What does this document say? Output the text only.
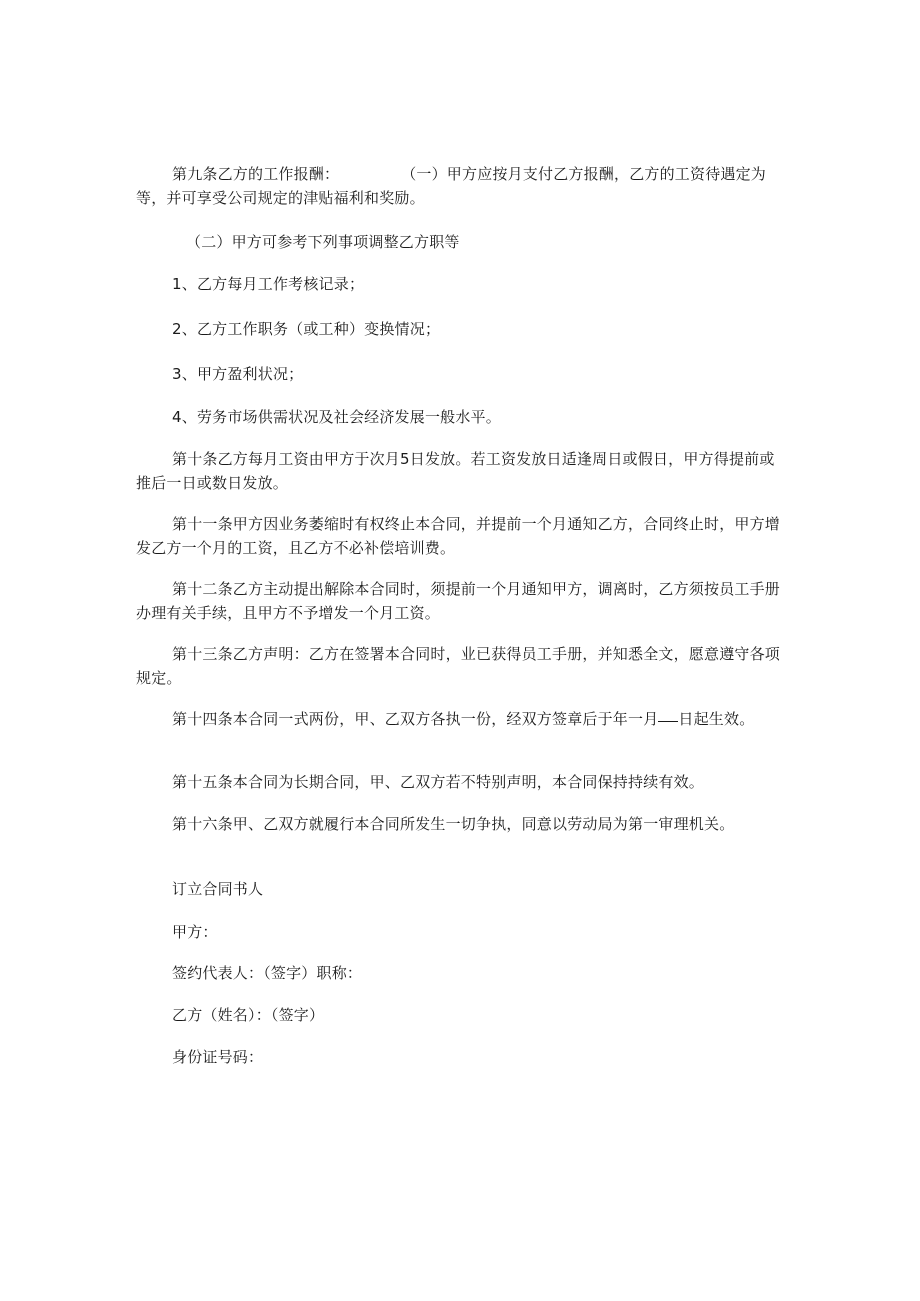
第九条乙方的工作报酬：	（一）甲方应按月支付乙方报酬，乙方的工资待遇定为等，并可享受公司规定的津贴福利和奖励。
（二）甲方可参考下列事项调整乙方职等
1、乙方每月工作考核记录；
2、乙方工作职务（或工种）变换情况；
3、甲方盈利状况；
4、劳务市场供需状况及社会经济发展一般水平。
第十条乙方每月工资由甲方于次月5日发放。若工资发放日适逢周日或假日，甲方得提前或推后一日或数日发放。
第十一条甲方因业务萎缩时有权终止本合同，并提前一个月通知乙方，合同终止时，甲方增发乙方一个月的工资，且乙方不必补偿培训费。
第十二条乙方主动提出解除本合同时，须提前一个月通知甲方，调离时，乙方须按员工手册办理有关手续，且甲方不予增发一个月工资。
第十三条乙方声明：乙方在签署本合同时，业已获得员工手册，并知悉全文，愿意遵守各项规定。
第十四条本合同一式两份，甲、乙双方各执一份，经双方签章后于年一月 日起生效。
第十五条本合同为长期合同，甲、乙双方若不特别声明，本合同保持持续有效。
第十六条甲、乙双方就履行本合同所发生一切争执，同意以劳动局为第一审理机关。
订立合同书人
甲方：
签约代表人：（签字）职称：
乙方（姓名）：（签字）
身份证号码：
